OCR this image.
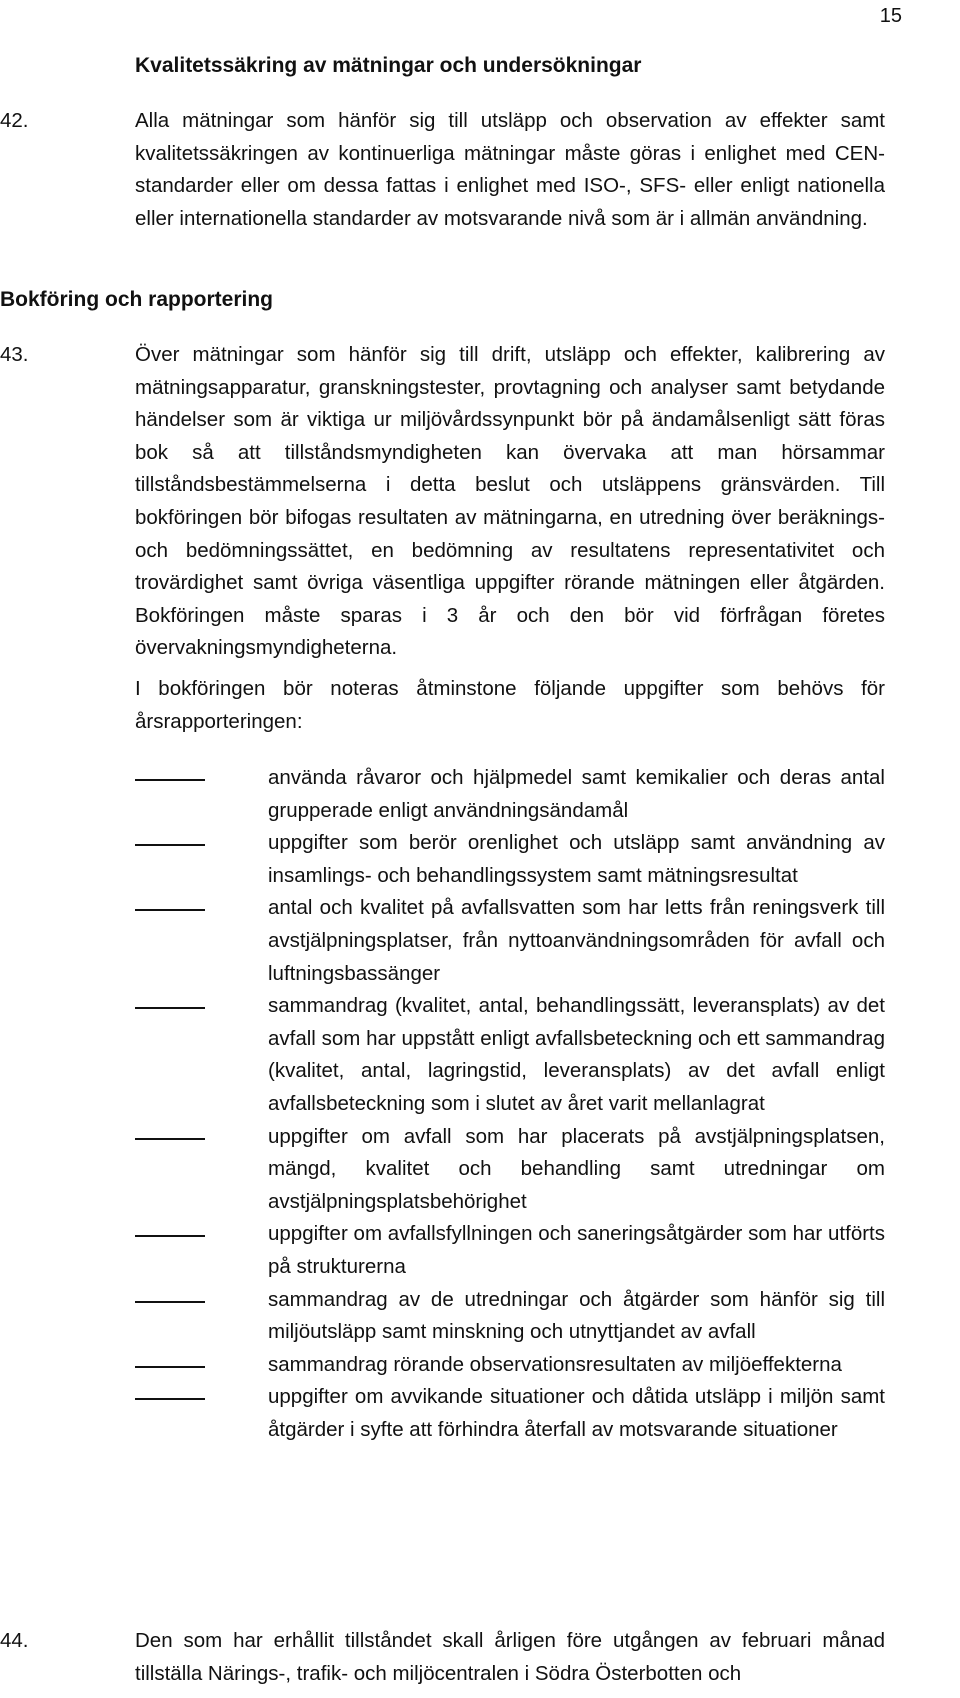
15
Kvalitetssäkring av mätningar och undersökningar
42.	Alla mätningar som hänför sig till utsläpp och observation av effekter samt kvalitetssäkringen av kontinuerliga mätningar måste göras i enlighet med CEN-standarder eller om dessa fattas i enlighet med ISO-, SFS- eller enligt nationella eller internationella standarder av motsvarande nivå som är i allmän användning.
Bokföring och rapportering
43.	Över mätningar som hänför sig till drift, utsläpp och effekter, kalibrering av mätningsapparatur, granskningstester, provtagning och analyser samt betydande händelser som är viktiga ur miljövårdssynpunkt bör på ändamålsenligt sätt föras bok så att tillståndsmyndigheten kan övervaka att man hörsammar tillståndsbestämmelserna i detta beslut och utsläppens gränsvärden. Till bokföringen bör bifogas resultaten av mätningarna, en utredning över beräknings- och bedömningssättet, en bedömning av resultatens representativitet och trovärdighet samt övriga väsentliga uppgifter rörande mätningen eller åtgärden. Bokföringen måste sparas i 3 år och den bör vid förfrågan företes övervakningsmyndigheterna.
I bokföringen bör noteras åtminstone följande uppgifter som behövs för årsrapporteringen:
använda råvaror och hjälpmedel samt kemikalier och deras antal grupperade enligt användningsändamål
uppgifter som berör orenlighet och utsläpp samt användning av insamlings- och behandlingssystem samt mätningsresultat
antal och kvalitet på avfallsvatten som har letts från reningsverk till avstjälpningsplatser, från nyttoanvändningsområden för avfall och luftningsbassänger
sammandrag (kvalitet, antal, behandlingssätt, leveransplats) av det avfall som har uppstått enligt avfallsbeteckning och ett sammandrag (kvalitet, antal, lagringstid, leveransplats) av det avfall enligt avfallsbeteckning som i slutet av året varit mellanlagrat
uppgifter om avfall som har placerats på avstjälpningsplatsen, mängd, kvalitet och behandling samt utredningar om avstjälpningsplatsbehörighet
uppgifter om avfallsfyllningen och saneringsåtgärder som har utförts på strukturerna
sammandrag av de utredningar och åtgärder som hänför sig till miljöutsläpp samt minskning och utnyttjandet av avfall
sammandrag rörande observationsresultaten av miljöeffekterna
uppgifter om avvikande situationer och dåtida utsläpp i miljön samt åtgärder i syfte att förhindra återfall av motsvarande situationer
44.	Den som har erhållit tillståndet skall årligen före utgången av februari månad tillställa Närings-, trafik- och miljöcentralen i Södra Österbotten och
